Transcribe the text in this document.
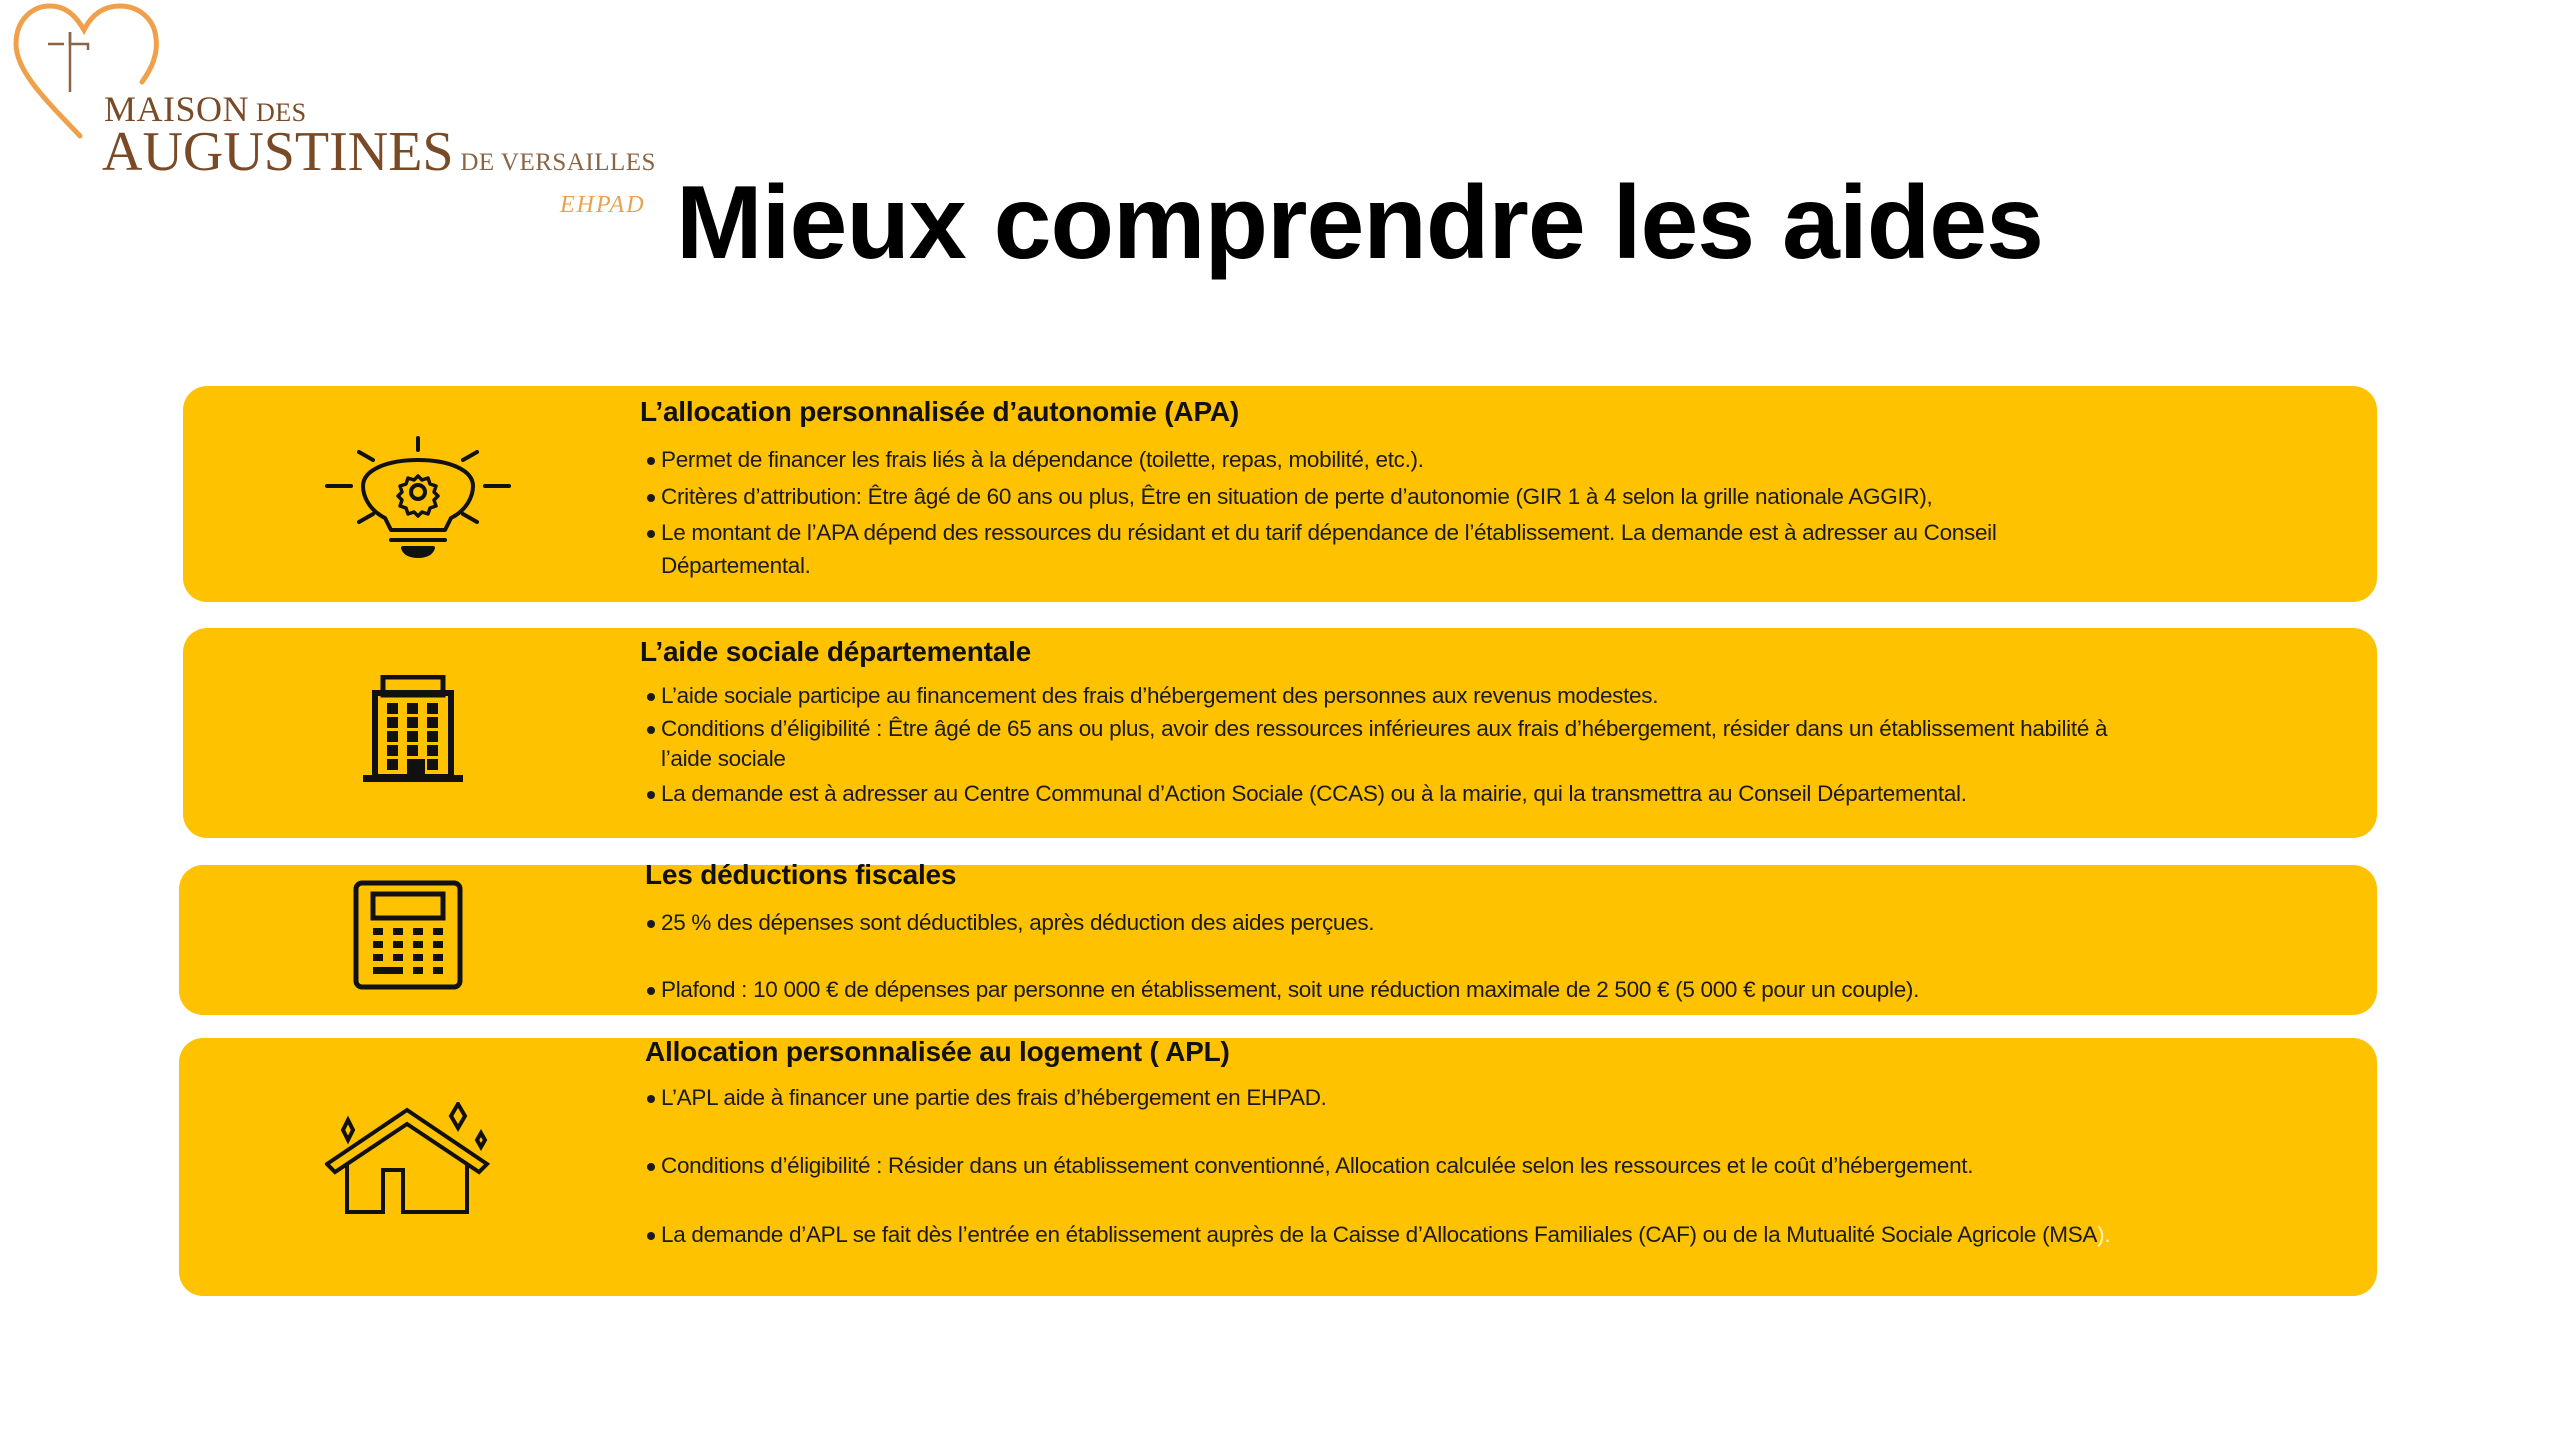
MAISON DES
AUGUSTINES DE VERSAILLES
EHPAD Mieux comprendre les aides
L’allocation personnalisée d’autonomie (APA)
Permet de financer les frais liés à la dépendance (toilette, repas, mobilité, etc.).
Critères d’attribution: Être âgé de 60 ans ou plus, Être en situation de perte d’autonomie (GIR 1 à 4 selon la grille nationale AGGIR),
Le montant de l’APA dépend des ressources du résidant et du tarif dépendance de l’établissement. La demande est à adresser au Conseil
Départemental.
L’aide sociale départementale
L’aide sociale participe au financement des frais d’hébergement des personnes aux revenus modestes.
Conditions d’éligibilité : Être âgé de 65 ans ou plus, avoir des ressources inférieures aux frais d’hébergement, résider dans un établissement habilité à
l’aide sociale
La demande est à adresser au Centre Communal d’Action Sociale (CCAS) ou à la mairie, qui la transmettra au Conseil Départemental.
Les déductions fiscales
25 % des dépenses sont déductibles, après déduction des aides perçues.
Plafond : 10 000 € de dépenses par personne en établissement, soit une réduction maximale de 2 500 € (5 000 € pour un couple).
Allocation personnalisée au logement ( APL)
L’APL aide à financer une partie des frais d’hébergement en EHPAD.
Conditions d’éligibilité : Résider dans un établissement conventionné, Allocation calculée selon les ressources et le coût d’hébergement.
La demande d’APL se fait dès l’entrée en établissement auprès de la Caisse d’Allocations Familiales (CAF) ou de la Mutualité Sociale Agricole (MSA).
